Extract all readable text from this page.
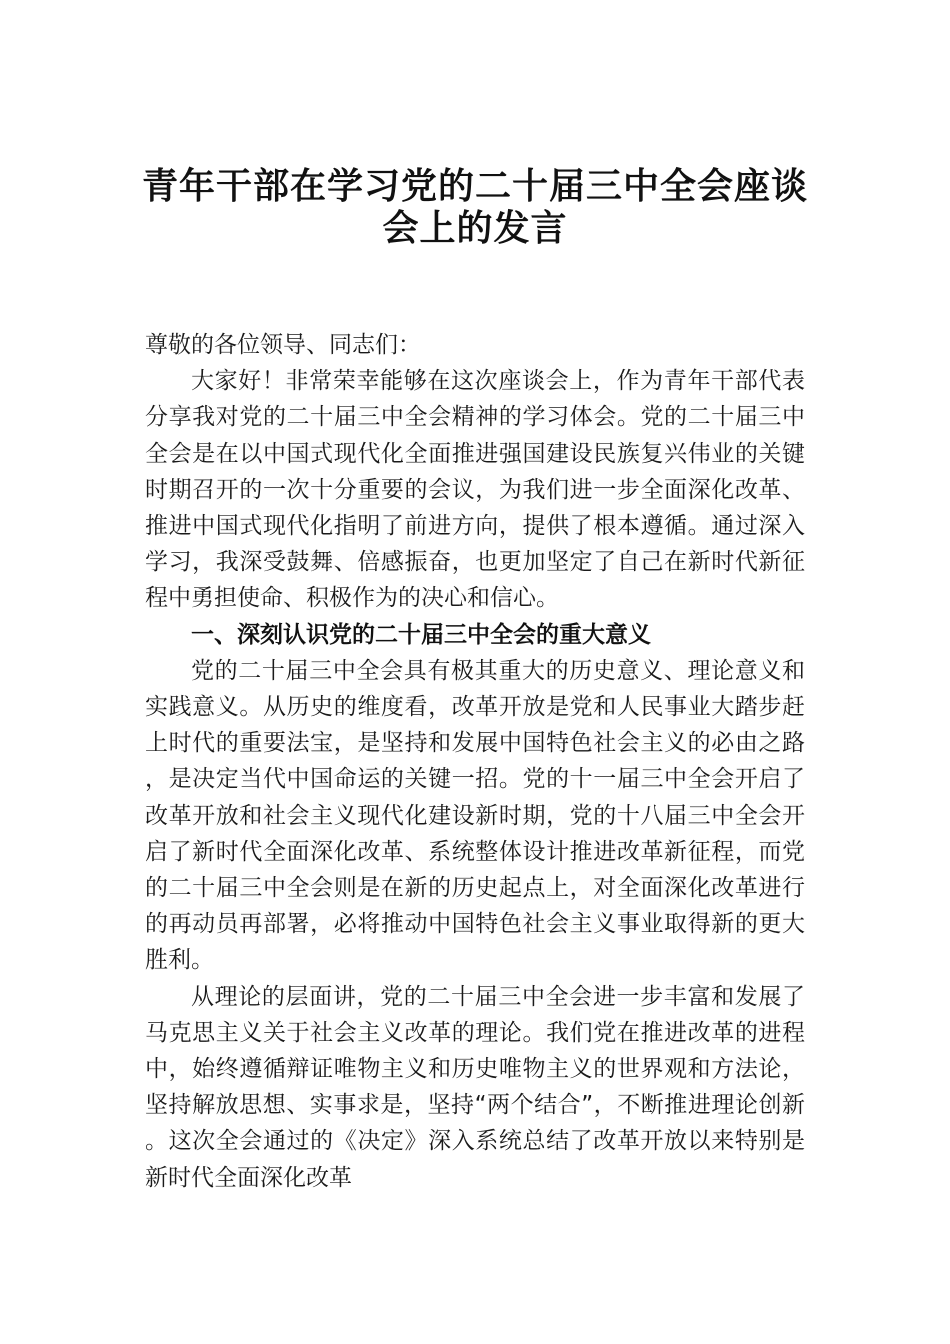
青年干部在学习党的二十届三中全会座谈
会上的发言

尊敬的各位领导、同志们：

大家好！非常荣幸能够在这次座谈会上，作为青年干部代表分享我对党的二十届三中全会精神的学习体会。党的二十届三中全会是在以中国式现代化全面推进强国建设民族复兴伟业的关键时期召开的一次十分重要的会议，为我们进一步全面深化改革、推进中国式现代化指明了前进方向，提供了根本遵循。通过深入学习，我深受鼓舞、倍感振奋，也更加坚定了自己在新时代新征程中勇担使命、积极作为的决心和信心。

一、深刻认识党的二十届三中全会的重大意义

党的二十届三中全会具有极其重大的历史意义、理论意义和实践意义。从历史的维度看，改革开放是党和人民事业大踏步赶上时代的重要法宝，是坚持和发展中国特色社会主义的必由之路，是决定当代中国命运的关键一招。党的十一届三中全会开启了改革开放和社会主义现代化建设新时期，党的十八届三中全会开启了新时代全面深化改革、系统整体设计推进改革新征程，而党的二十届三中全会则是在新的历史起点上，对全面深化改革进行的再动员再部署，必将推动中国特色社会主义事业取得新的更大胜利。

从理论的层面讲，党的二十届三中全会进一步丰富和发展了马克思主义关于社会主义改革的理论。我们党在推进改革的进程中，始终遵循辩证唯物主义和历史唯物主义的世界观和方法论，坚持解放思想、实事求是，坚持“两个结合”，不断推进理论创新。这次全会通过的《决定》深入系统总结了改革开放以来特别是新时代全面深化改革
